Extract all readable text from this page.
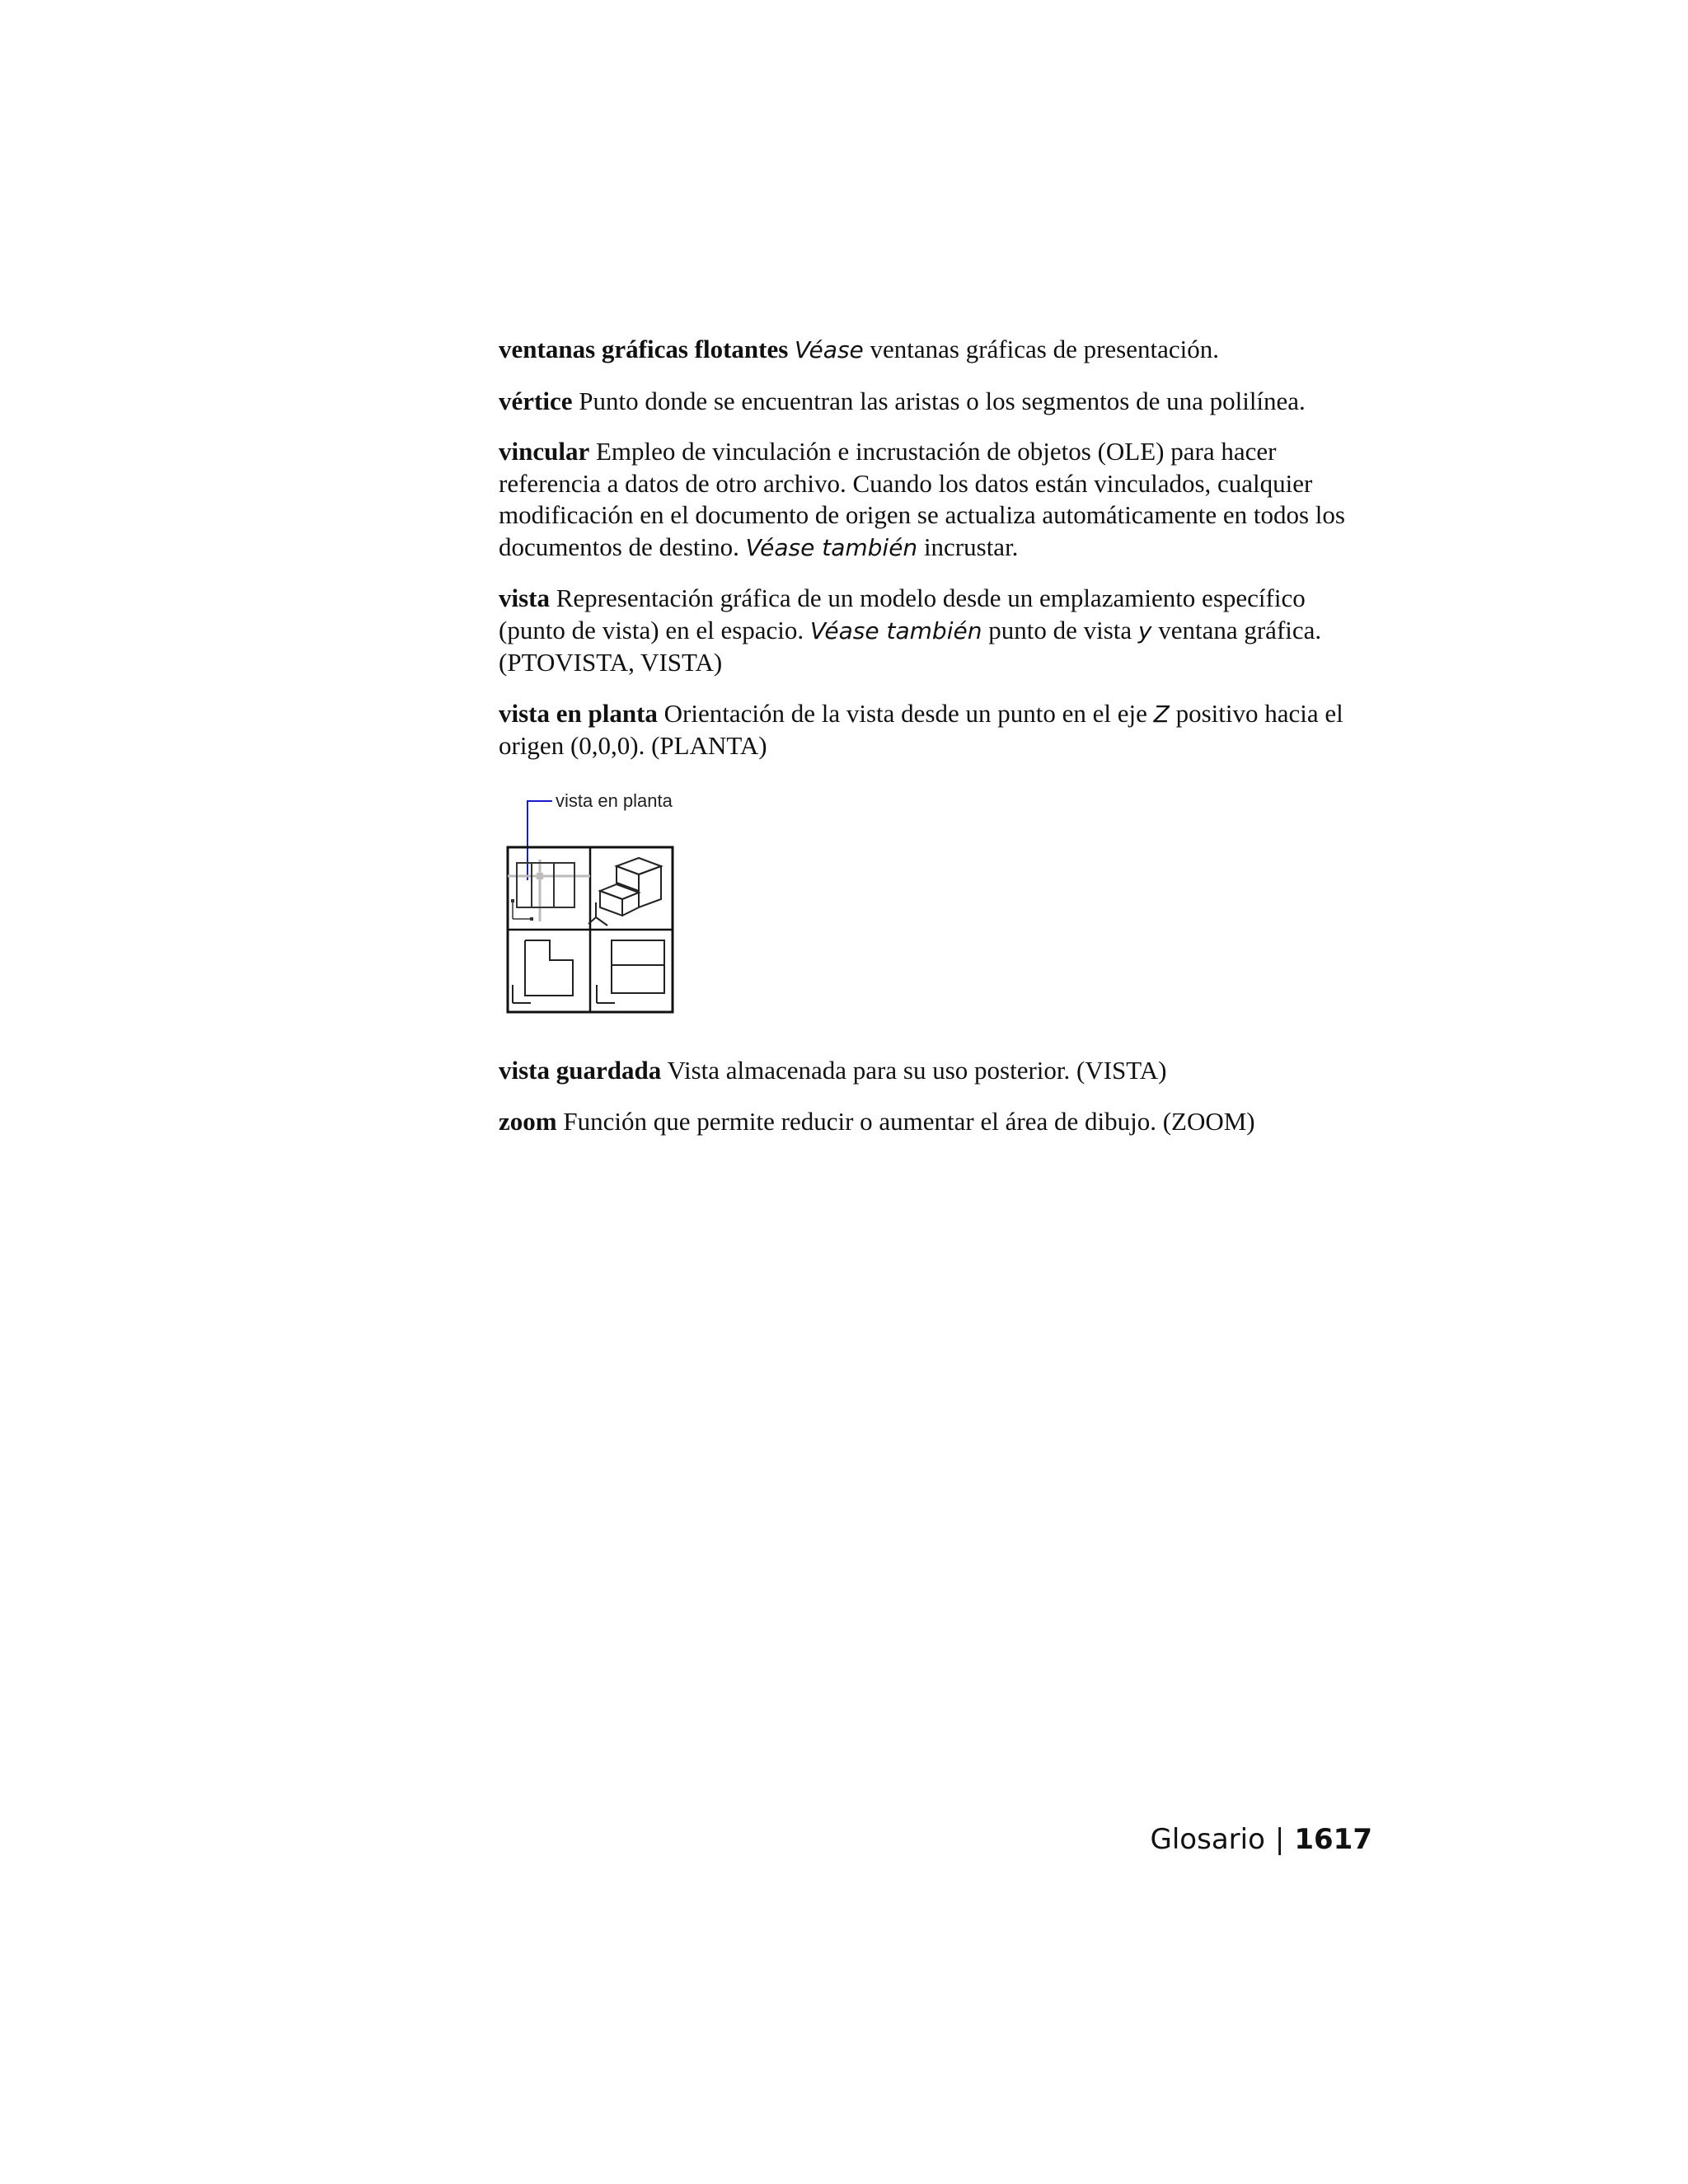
ventanas gráficas flotantes Véase ventanas gráficas de presentación.

vértice Punto donde se encuentran las aristas o los segmentos de una polilínea.

vincular Empleo de vinculación e incrustación de objetos (OLE) para hacer referencia a datos de otro archivo. Cuando los datos están vinculados, cualquier modificación en el documento de origen se actualiza automáticamente en todos los documentos de destino. Véase también incrustar.

vista Representación gráfica de un modelo desde un emplazamiento específico (punto de vista) en el espacio. Véase también punto de vista y ventana gráfica.
(PTOVISTA, VISTA)

vista en planta Orientación de la vista desde un punto en el eje Z positivo hacia el origen (0,0,0). (PLANTA)

vista en planta

vista guardada Vista almacenada para su uso posterior. (VISTA)

zoom Función que permite reducir o aumentar el área de dibujo. (ZOOM)

Glosario | 1617
